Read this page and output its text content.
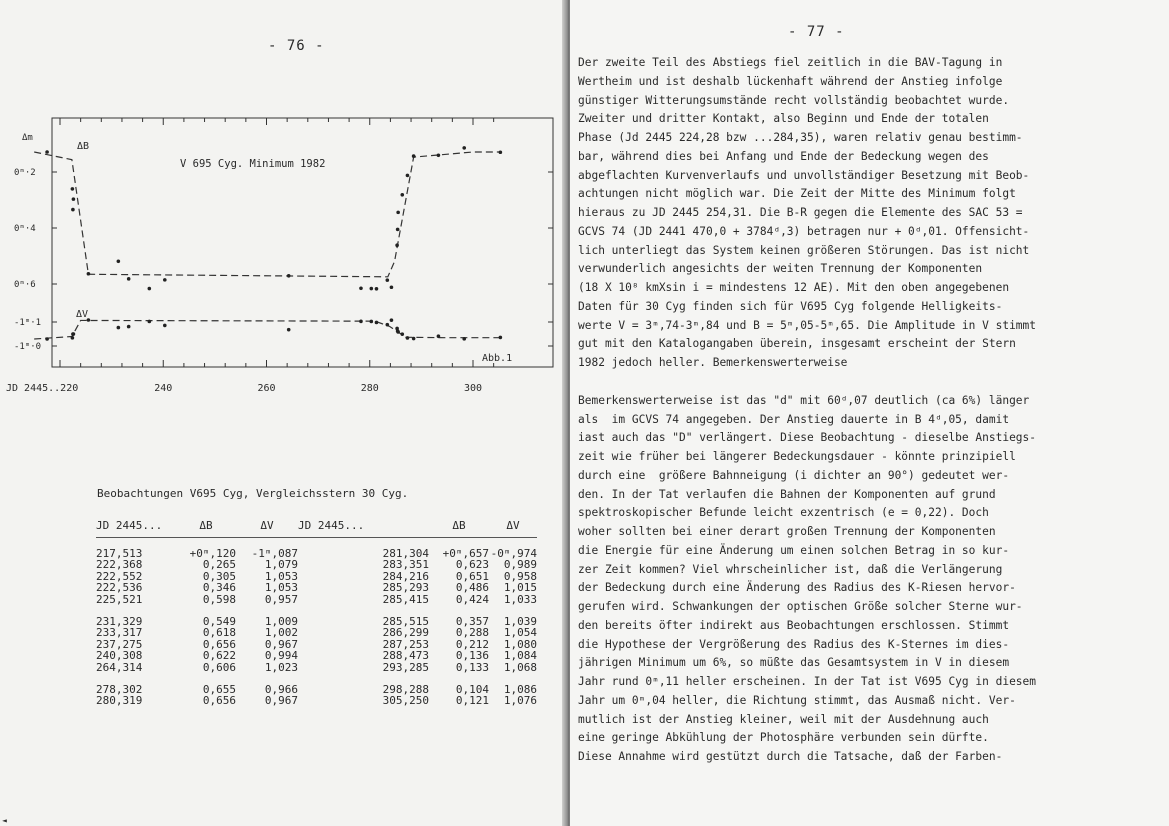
- 76 -
V 695 Cyg. Minimum 1982
Abb.1
ΔB
ΔV
Δm
0ᵐ·2
0ᵐ·4
0ᵐ·6
-1ᵐ·1
-1ᵐ·0
JD 2445..220	240	260	280	300
Beobachtungen V695 Cyg, Vergleichsstern 30 Cyg.
JD 2445...	ΔB	ΔV	JD 2445...	ΔB	ΔV

217,513	+0ᵐ,120	-1ᵐ,087	281,304	+0ᵐ,657	-0ᵐ,974
222,368	0,265	1,079	283,351	0,623	0,989
222,552	0,305	1,053	284,216	0,651	0,958
222,536	0,346	1,053	285,293	0,486	1,015
225,521	0,598	0,957	285,415	0,424	1,033

231,329	0,549	1,009	285,515	0,357	1,039
233,317	0,618	1,002	286,299	0,288	1,054
237,275	0,656	0,967	287,253	0,212	1,080
240,308	0,622	0,994	288,473	0,136	1,084
264,314	0,606	1,023	293,285	0,133	1,068

278,302	0,655	0,966	298,288	0,104	1,086
280,319	0,656	0,967	305,250	0,121	1,076
◄
- 77 -

Der zweite Teil des Abstiegs fiel zeitlich in die BAV-Tagung in

Wertheim und ist deshalb lückenhaft während der Anstieg infolge

günstiger Witterungsumstände recht vollständig beobachtet wurde.

Zweiter und dritter Kontakt, also Beginn und Ende der totalen

Phase (Jd 2445 224,28 bzw ...284,35), waren relativ genau bestimm-

bar, während dies bei Anfang und Ende der Bedeckung wegen des

abgeflachten Kurvenverlaufs und unvollständiger Besetzung mit Beob-

achtungen nicht möglich war. Die Zeit der Mitte des Minimum folgt

hieraus zu JD 2445 254,31. Die B-R gegen die Elemente des SAC 53 =

GCVS 74 (JD 2441 470,0 + 3784ᵈ,3) betragen nur + 0ᵈ,01. Offensicht-

lich unterliegt das System keinen größeren Störungen. Das ist nicht

verwunderlich angesichts der weiten Trennung der Komponenten

(18 X 10⁸ kmXsin i = mindestens 12 AE). Mit den oben angegebenen

Daten für 30 Cyg finden sich für V695 Cyg folgende Helligkeits-

werte V = 3ᵐ,74-3ᵐ,84 und B = 5ᵐ,05-5ᵐ,65. Die Amplitude in V stimmt

gut mit den Katalogangaben überein, insgesamt erscheint der Stern

1982 jedoch heller. Bemerkenswerterweise

Bemerkenswerterweise ist das "d" mit 60ᵈ,07 deutlich (ca 6%) länger

als  im GCVS 74 angegeben. Der Anstieg dauerte in B 4ᵈ,05, damit

iast auch das "D" verlängert. Diese Beobachtung - dieselbe Anstiegs-

zeit wie früher bei längerer Bedeckungsdauer - könnte prinzipiell

durch eine  größere Bahnneigung (i dichter an 90°) gedeutet wer-

den. In der Tat verlaufen die Bahnen der Komponenten auf grund

spektroskopischer Befunde leicht exzentrisch (e = 0,22). Doch

woher sollten bei einer derart großen Trennung der Komponenten

die Energie für eine Änderung um einen solchen Betrag in so kur-

zer Zeit kommen? Viel whrscheinlicher ist, daß die Verlängerung

der Bedeckung durch eine Änderung des Radius des K-Riesen hervor-

gerufen wird. Schwankungen der optischen Größe solcher Sterne wur-

den bereits öfter indirekt aus Beobachtungen erschlossen. Stimmt

die Hypothese der Vergrößerung des Radius des K-Sternes im dies-

jährigen Minimum um 6%, so müßte das Gesamtsystem in V in diesem

Jahr rund 0ᵐ,11 heller erscheinen. In der Tat ist V695 Cyg in diesem

Jahr um 0ᵐ,04 heller, die Richtung stimmt, das Ausmaß nicht. Ver-

mutlich ist der Anstieg kleiner, weil mit der Ausdehnung auch

eine geringe Abkühlung der Photosphäre verbunden sein dürfte.

Diese Annahme wird gestützt durch die Tatsache, daß der Farben-
